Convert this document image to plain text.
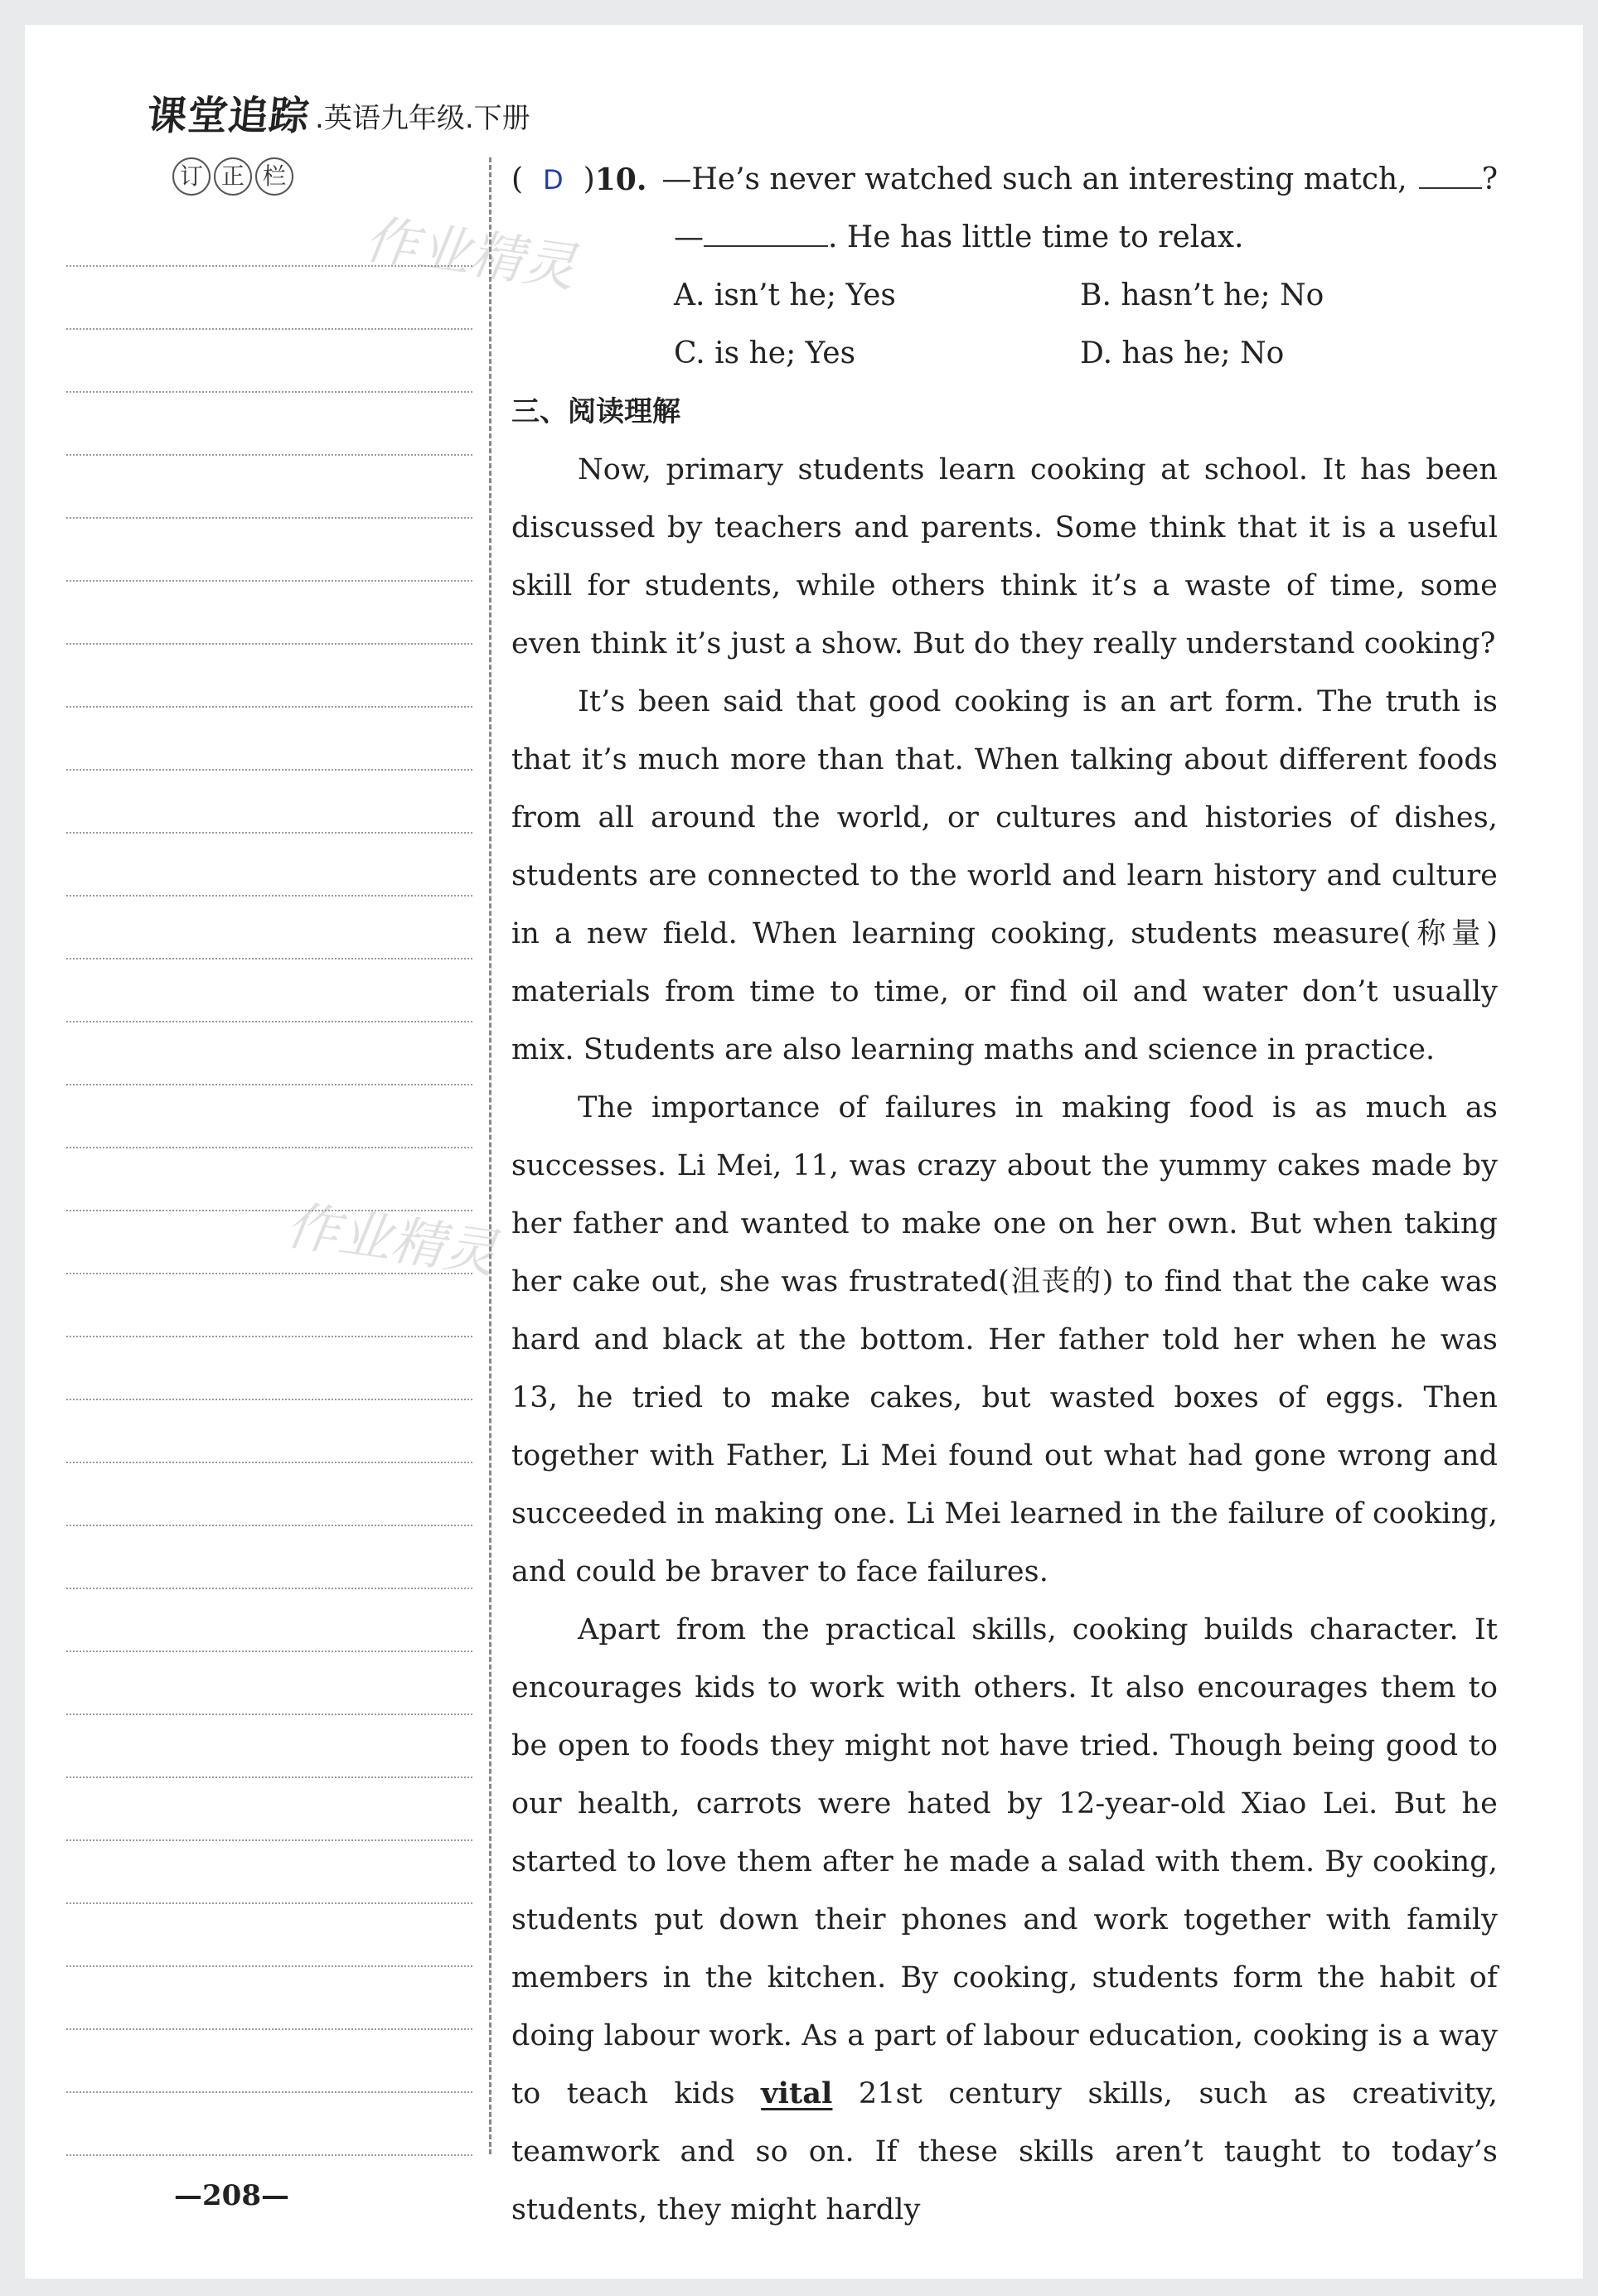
课堂追踪 .英语九年级.下册
订 正 栏
作业精灵
作业精灵
( D ) 10. —He’s never watched such an interesting match,	?
—	. He has little time to relax.
A. isn’t he; Yes	B. hasn’t he; No
C. is he; Yes	D. has he; No
三、阅读理解

Now, primary students learn cooking at school. It has been discussed by teachers and parents. Some think that it is a useful skill for students, while others think it’s a waste of time, some even think it’s just a show. But do they really understand cooking?

It’s been said that good cooking is an art form. The truth is that it’s much more than that. When talking about different foods from all around the world, or cultures and histories of dishes, students are connected to the world and learn history and culture in a new field. When learning cooking, students measure(称量) materials from time to time, or find oil and water don’t usually mix. Students are also learning maths and science in practice.

The importance of failures in making food is as much as successes. Li Mei, 11, was crazy about the yummy cakes made by her father and wanted to make one on her own. But when taking her cake out, she was frustrated(沮丧的) to find that the cake was hard and black at the bottom. Her father told her when he was 13, he tried to make cakes, but wasted boxes of eggs. Then together with Father, Li Mei found out what had gone wrong and succeeded in making one. Li Mei learned in the failure of cooking, and could be braver to face failures.

Apart from the practical skills, cooking builds character. It encourages kids to work with others. It also encourages them to be open to foods they might not have tried. Though being good to our health, carrots were hated by 12-year-old Xiao Lei. But he started to love them after he made a salad with them. By cooking, students put down their phones and work together with family members in the kitchen. By cooking, students form the habit of doing labour work. As a part of labour education, cooking is a way to teach kids vital 21st century skills, such as creativity, teamwork and so on. If these skills aren’t taught to today’s students, they might hardly

—208—
